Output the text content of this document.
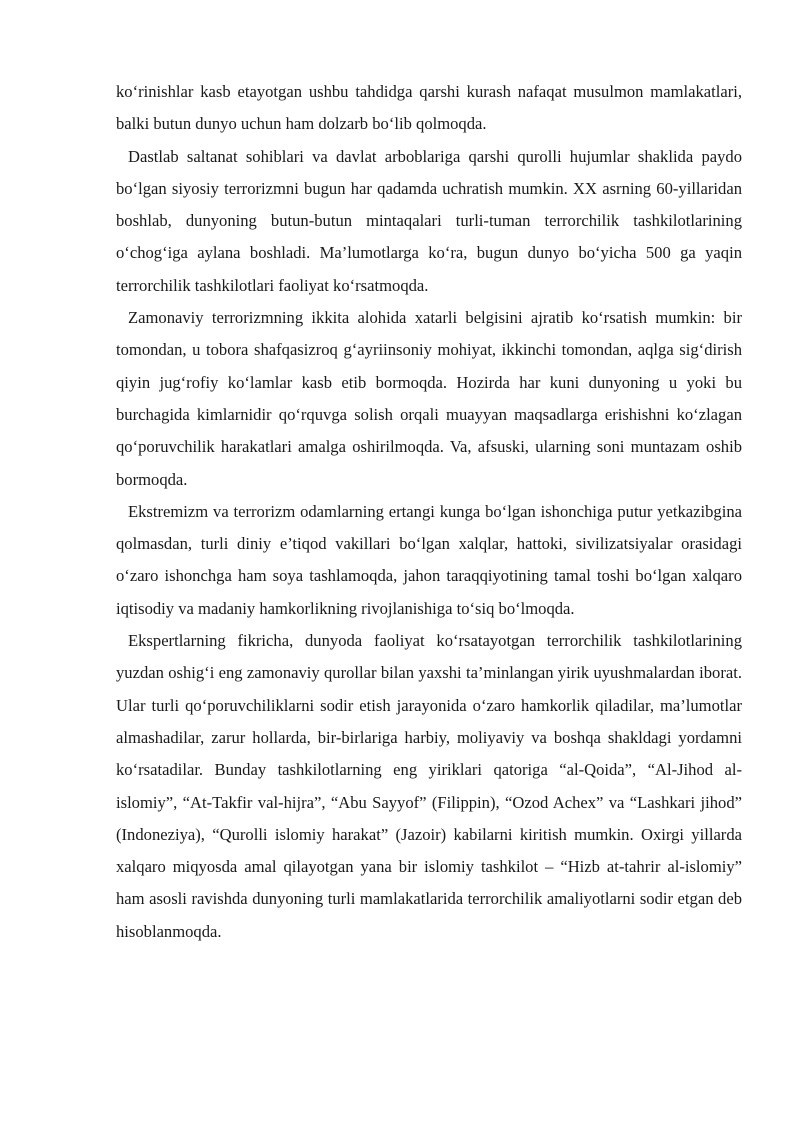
ko‘rinishlar kasb etayotgan ushbu tahdidga qarshi kurash nafaqat musulmon mamlakatlari, balki butun dunyo uchun ham dolzarb bo‘lib qolmoqda.

Dastlab saltanat sohiblari va davlat arboblariga qarshi qurolli hujumlar shaklida paydo bo‘lgan siyosiy terrorizmni bugun har qadamda uchratish mumkin. XX asrning 60-yillaridan boshlab, dunyoning butun-butun mintaqalari turli-tuman terrorchilik tashkilotlarining o‘chog‘iga aylana boshladi. Ma’lumotlarga ko‘ra, bugun dunyo bo‘yicha 500 ga yaqin terrorchilik tashkilotlari faoliyat ko‘rsatmoqda.

Zamonaviy terrorizmning ikkita alohida xatarli belgisini ajratib ko‘rsatish mumkin: bir tomondan, u tobora shafqasizroq g‘ayriinsoniy mohiyat, ikkinchi tomondan, aqlga sig‘dirish qiyin jug‘rofiy ko‘lamlar kasb etib bormoqda. Hozirda har kuni dunyoning u yoki bu burchagida kimlarnidir qo‘rquvga solish orqali muayyan maqsadlarga erishishni ko‘zlagan qo‘poruvchilik harakatlari amalga oshirilmoqda. Va, afsuski, ularning soni muntazam oshib bormoqda.

Ekstremizm va terrorizm odamlarning ertangi kunga bo‘lgan ishonchiga putur yetkazibgina qolmasdan, turli diniy e’tiqod vakillari bo‘lgan xalqlar, hattoki, sivilizatsiyalar orasidagi o‘zaro ishonchga ham soya tashlamoqda, jahon taraqqiyotining tamal toshi bo‘lgan xalqaro iqtisodiy va madaniy hamkorlikning rivojlanishiga to‘siq bo‘lmoqda.

Ekspertlarning fikricha, dunyoda faoliyat ko‘rsatayotgan terrorchilik tashkilotlarining yuzdan oshig‘i eng zamonaviy qurollar bilan yaxshi ta’minlangan yirik uyushmalardan iborat. Ular turli qo‘poruvchiliklarni sodir etish jarayonida o‘zaro hamkorlik qiladilar, ma’lumotlar almashadilar, zarur hollarda, bir-birlariga harbiy, moliyaviy va boshqa shakldagi yordamni ko‘rsatadilar. Bunday tashkilotlarning eng yiriklari qatoriga “al-Qoida”, “Al-Jihod al-islomiy”, “At-Takfir val-hijra”, “Abu Sayyof” (Filippin), “Ozod Achex” va “Lashkari jihod” (Indoneziya), “Qurolli islomiy harakat” (Jazoir) kabilarni kiritish mumkin. Oxirgi yillarda xalqaro miqyosda amal qilayotgan yana bir islomiy tashkilot – “Hizb at-tahrir al-islomiy” ham asosli ravishda dunyoning turli mamlakatlarida terrorchilik amaliyotlarni sodir etgan deb hisoblanmoqda.
